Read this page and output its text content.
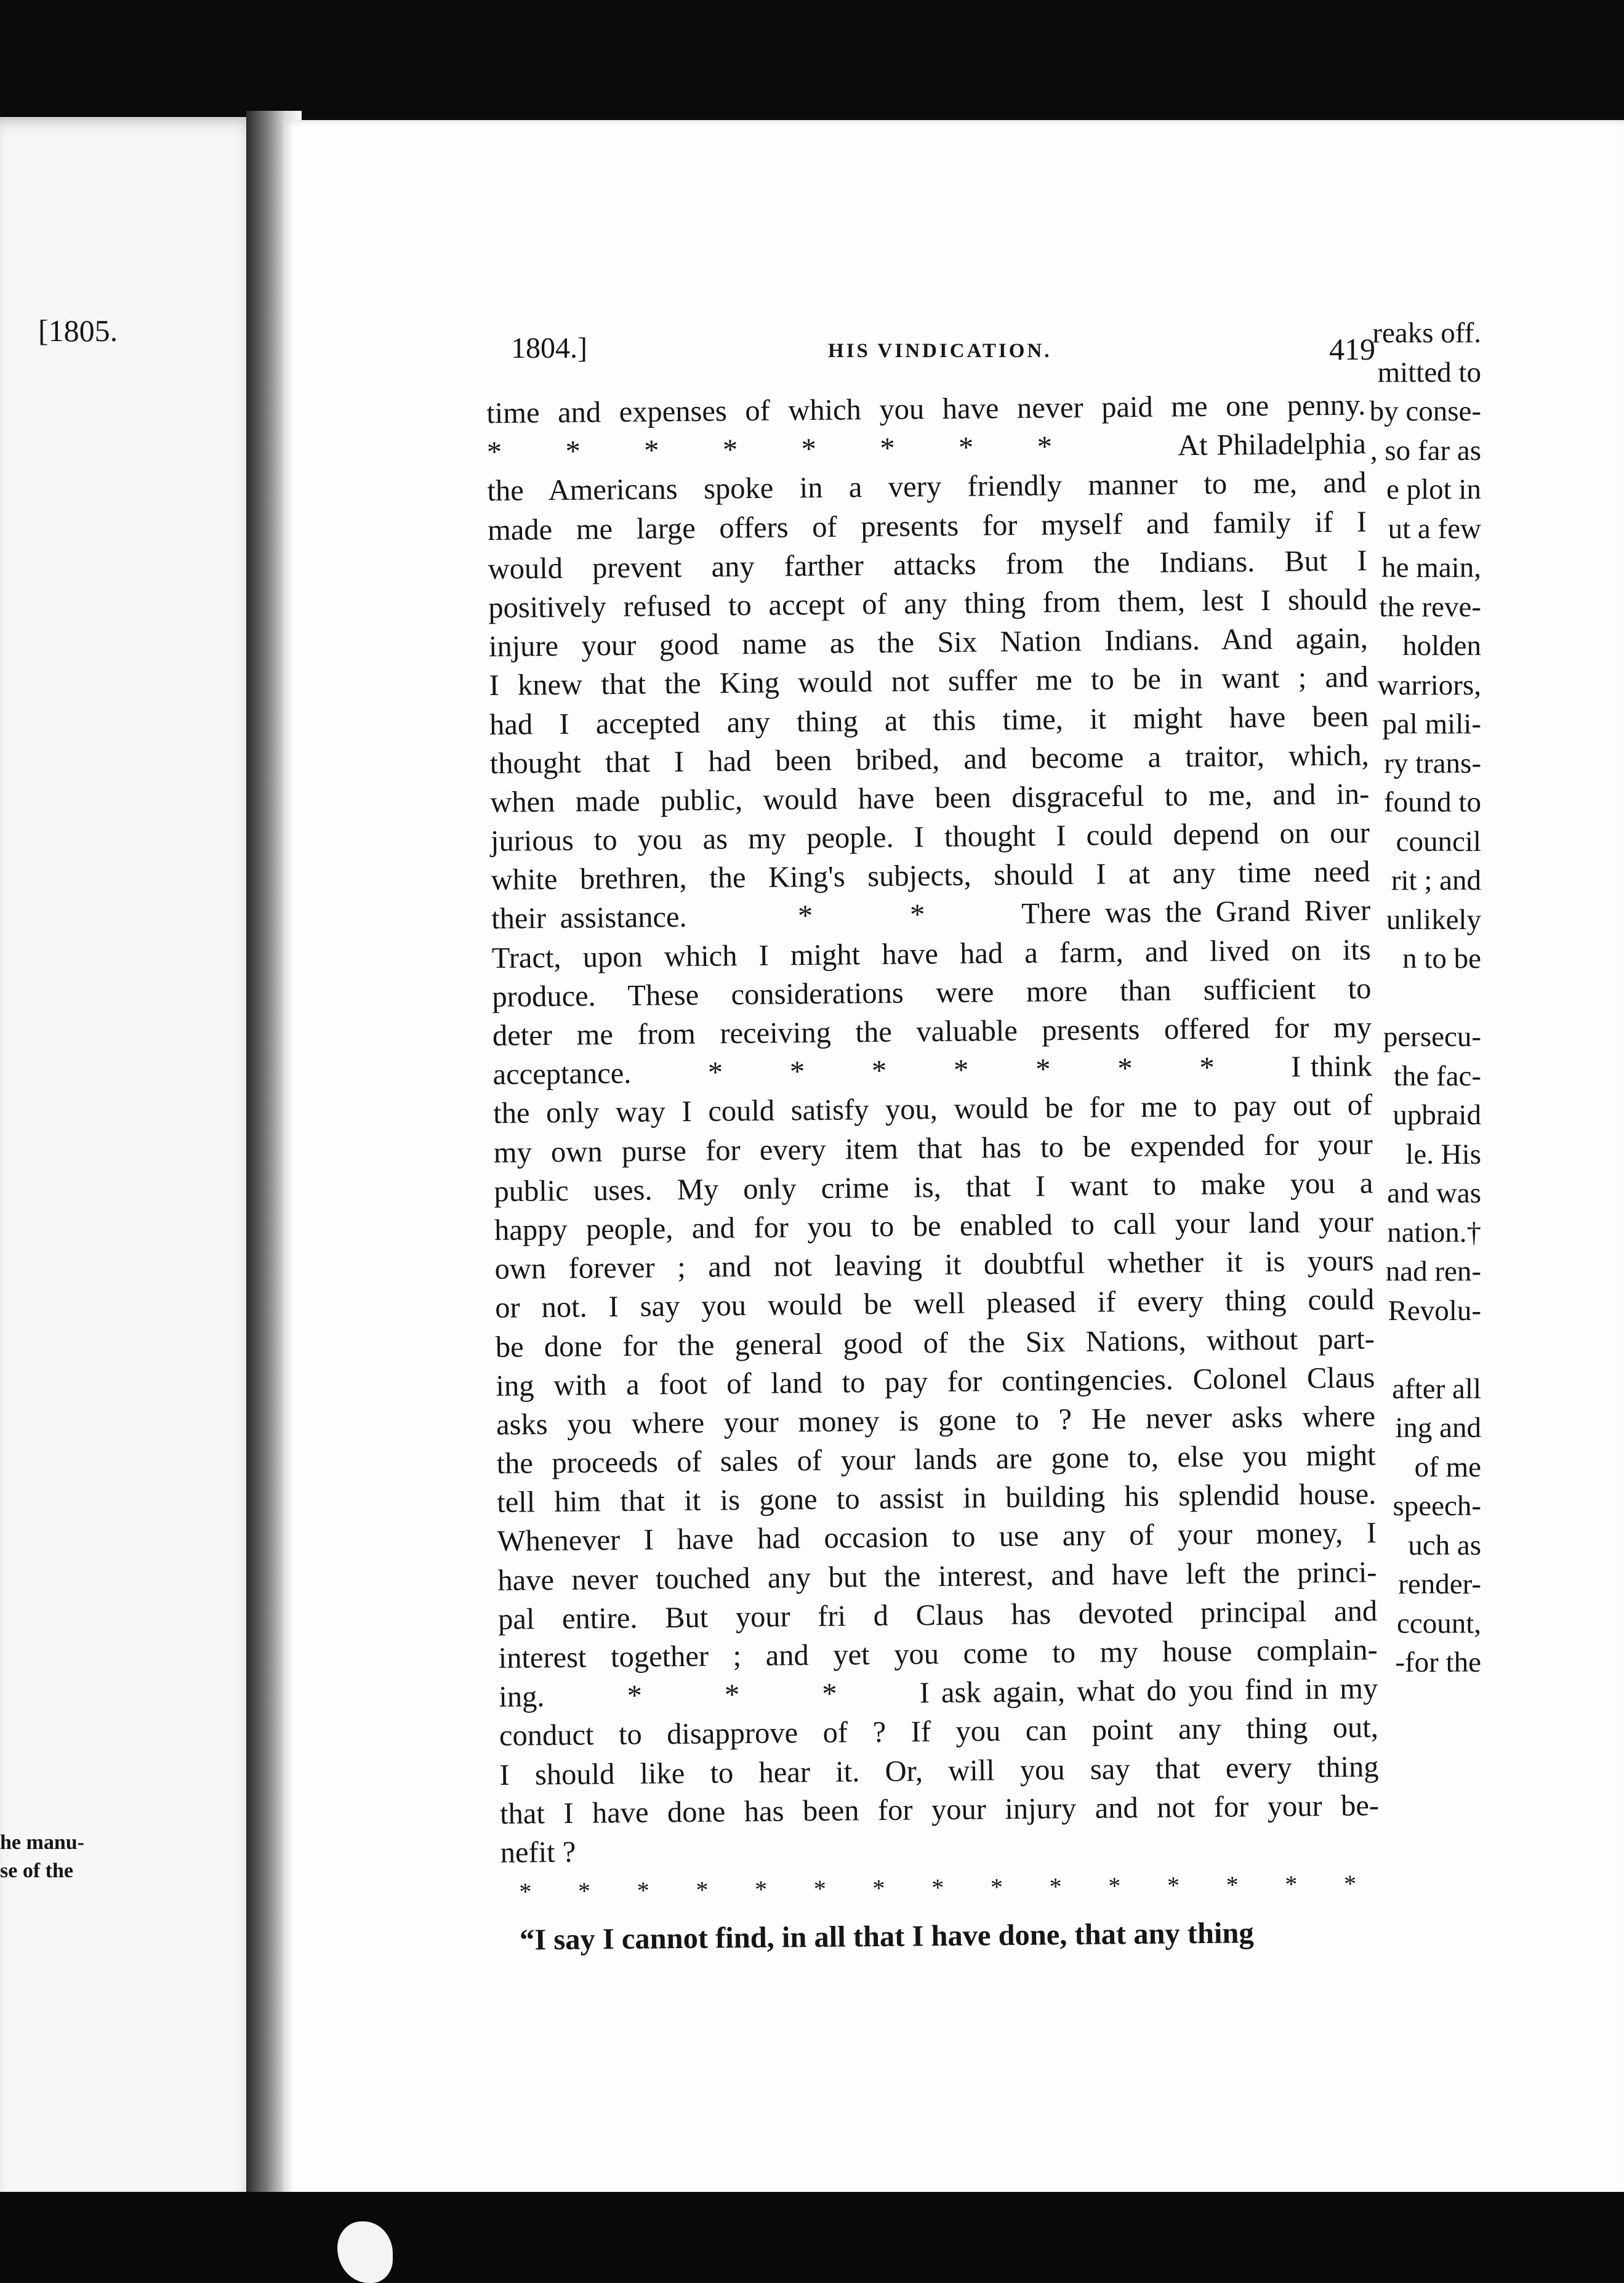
[1805.	reaks off.
mitted to
by conse-
, so far as
e plot in
ut a few
he main,
the reve-
holden
warriors,
pal mili-
ry trans-
found to
council
rit ; and
unlikely
n to be
persecu-
the fac-
upbraid
le. His
and was
nation.†
nad ren-
Revolu-
after all
ing and
of me
speech-
uch as
render-
ccount,
-for the
he manu-
se of the
1804.]	HIS VINDICATION.	419
time and expenses of which you have never paid me one penny.
*       *       *       *       *       *       *       *              At Philadelphia
the Americans spoke in a very friendly manner to me, and
made me large offers of presents for myself and family if I
would prevent any farther attacks from the Indians. But I
positively refused to accept of any thing from them, lest I should
injure your good name as the Six Nation Indians. And again,
I knew that the King would not suffer me to be in want ; and
had I accepted any thing at this time, it might have been
thought that I had been bribed, and become a traitor, which,
when made public, would have been disgraceful to me, and in-
jurious to you as my people. I thought I could depend on our
white brethren, the King's subjects, should I at any time need
their assistance.        *       *       There was the Grand River
Tract, upon which I might have had a farm, and lived on its
produce. These considerations were more than sufficient to
deter me from receiving the valuable presents offered for my
acceptance.        *       *       *       *       *       *       *        I think
the only way I could satisfy you, would be for me to pay out of
my own purse for every item that has to be expended for your
public uses. My only crime is, that I want to make you a
happy people, and for you to be enabled to call your land your
own forever ; and not leaving it doubtful whether it is yours
or not. I say you would be well pleased if every thing could
be done for the general good of the Six Nations, without part-
ing with a foot of land to pay for contingencies. Colonel Claus
asks you where your money is gone to ? He never asks where
the proceeds of sales of your lands are gone to, else you might
tell him that it is gone to assist in building his splendid house.
Whenever I have had occasion to use any of your money, I
have never touched any but the interest, and have left the princi-
pal entire. But your fri d Claus has devoted principal and
interest together ; and yet you come to my house complain-
ing.       *       *       *       I ask again, what do you find in my
conduct to disapprove of ? If you can point any thing out,
I should like to hear it. Or, will you say that every thing
that I have done has been for your injury and not for your be-
nefit ?
* * * * * * * * * * * * * * *
“I say I cannot find, in all that I have done, that any thing
